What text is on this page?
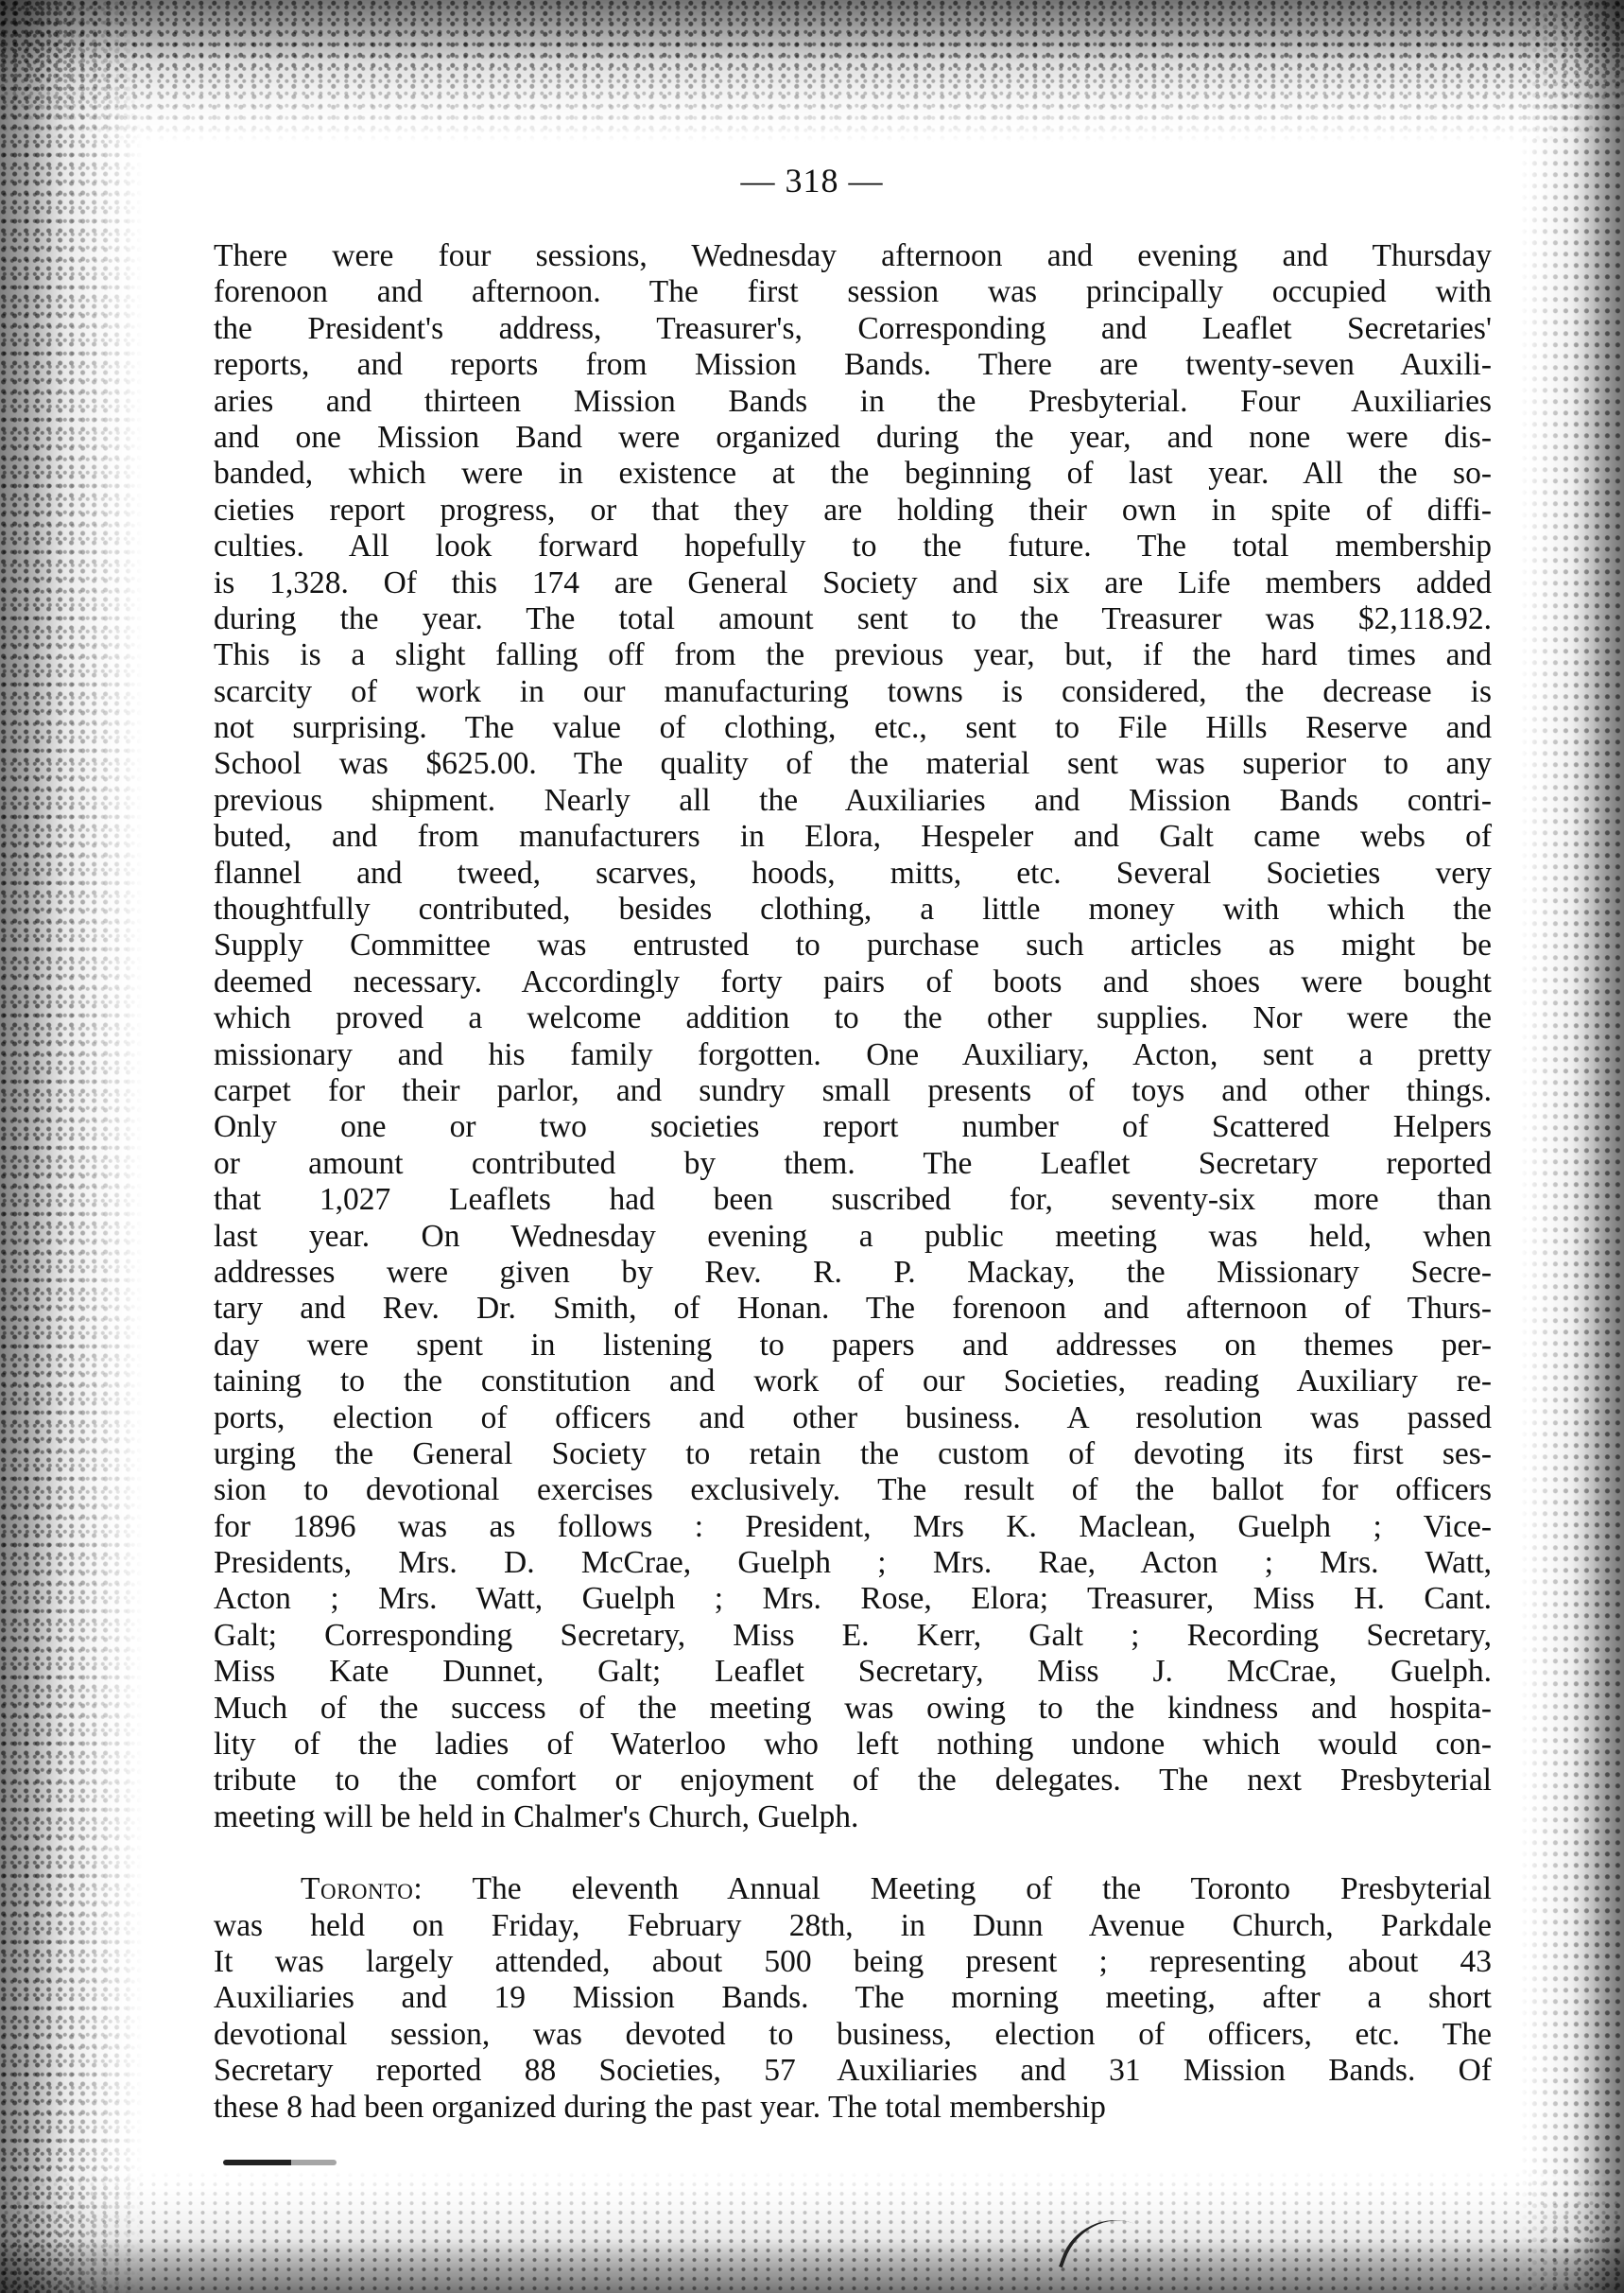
— 318 —
There were four sessions, Wednesday afternoon and evening and Thursday
forenoon and afternoon. The first session was principally occupied with
the President's address, Treasurer's, Corresponding and Leaflet Secretaries'
reports, and reports from Mission Bands. There are twenty-seven Auxili-
aries and thirteen Mission Bands in the Presbyterial. Four Auxiliaries
and one Mission Band were organized during the year, and none were dis-
banded, which were in existence at the beginning of last year. All the so-
cieties report progress, or that they are holding their own in spite of diffi-
culties. All look forward hopefully to the future. The total membership
is 1,328. Of this 174 are General Society and six are Life members added
during the year. The total amount sent to the Treasurer was $2,118.92.
This is a slight falling off from the previous year, but, if the hard times and
scarcity of work in our manufacturing towns is considered, the decrease is
not surprising. The value of clothing, etc., sent to File Hills Reserve and
School was $625.00. The quality of the material sent was superior to any
previous shipment. Nearly all the Auxiliaries and Mission Bands contri-
buted, and from manufacturers in Elora, Hespeler and Galt came webs of
flannel and tweed, scarves, hoods, mitts, etc. Several Societies very
thoughtfully contributed, besides clothing, a little money with which the
Supply Committee was entrusted to purchase such articles as might be
deemed necessary. Accordingly forty pairs of boots and shoes were bought
which proved a welcome addition to the other supplies. Nor were the
missionary and his family forgotten. One Auxiliary, Acton, sent a pretty
carpet for their parlor, and sundry small presents of toys and other things.
Only one or two societies report number of Scattered Helpers
or amount contributed by them. The Leaflet Secretary reported
that 1,027 Leaflets had been suscribed for, seventy-six more than
last year. On Wednesday evening a public meeting was held, when
addresses were given by Rev. R. P. Mackay, the Missionary Secre-
tary and Rev. Dr. Smith, of Honan. The forenoon and afternoon of Thurs-
day were spent in listening to papers and addresses on themes per-
taining to the constitution and work of our Societies, reading Auxiliary re-
ports, election of officers and other business. A resolution was passed
urging the General Society to retain the custom of devoting its first ses-
sion to devotional exercises exclusively. The result of the ballot for officers
for 1896 was as follows : President, Mrs K. Maclean, Guelph ; Vice-
Presidents, Mrs. D. McCrae, Guelph ; Mrs. Rae, Acton ; Mrs. Watt,
Acton ; Mrs. Watt, Guelph ; Mrs. Rose, Elora; Treasurer, Miss H. Cant.
Galt; Corresponding Secretary, Miss E. Kerr, Galt ; Recording Secretary,
Miss Kate Dunnet, Galt; Leaflet Secretary, Miss J. McCrae, Guelph.
Much of the success of the meeting was owing to the kindness and hospita-
lity of the ladies of Waterloo who left nothing undone which would con-
tribute to the comfort or enjoyment of the delegates. The next Presbyterial
meeting will be held in Chalmer's Church, Guelph.
Toronto: The eleventh Annual Meeting of the Toronto Presbyterial
was held on Friday, February 28th, in Dunn Avenue Church, Parkdale
It was largely attended, about 500 being present ; representing about 43
Auxiliaries and 19 Mission Bands. The morning meeting, after a short
devotional session, was devoted to business, election of officers, etc. The
Secretary reported 88 Societies, 57 Auxiliaries and 31 Mission Bands. Of
these 8 had been organized during the past year. The total membership
